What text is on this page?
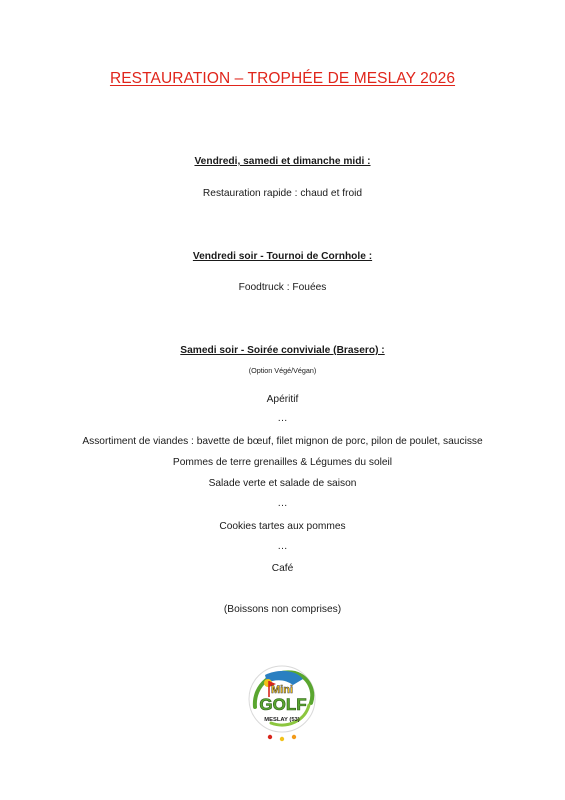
RESTAURATION – TROPHÉE DE MESLAY 2026
Vendredi, samedi et dimanche midi :
Restauration rapide : chaud et froid
Vendredi soir - Tournoi de Cornhole :
Foodtruck : Fouées
Samedi soir - Soirée conviviale (Brasero) :
(Option Végé/Végan)
Apéritif
…
Assortiment de viandes : bavette de bœuf, filet mignon de porc, pilon de poulet, saucisse
Pommes de terre grenailles & Légumes du soleil
Salade verte et salade de saison
…
Cookies tartes aux pommes
…
Café
(Boissons non comprises)
Mini
GOLF
MESLAY (53)
